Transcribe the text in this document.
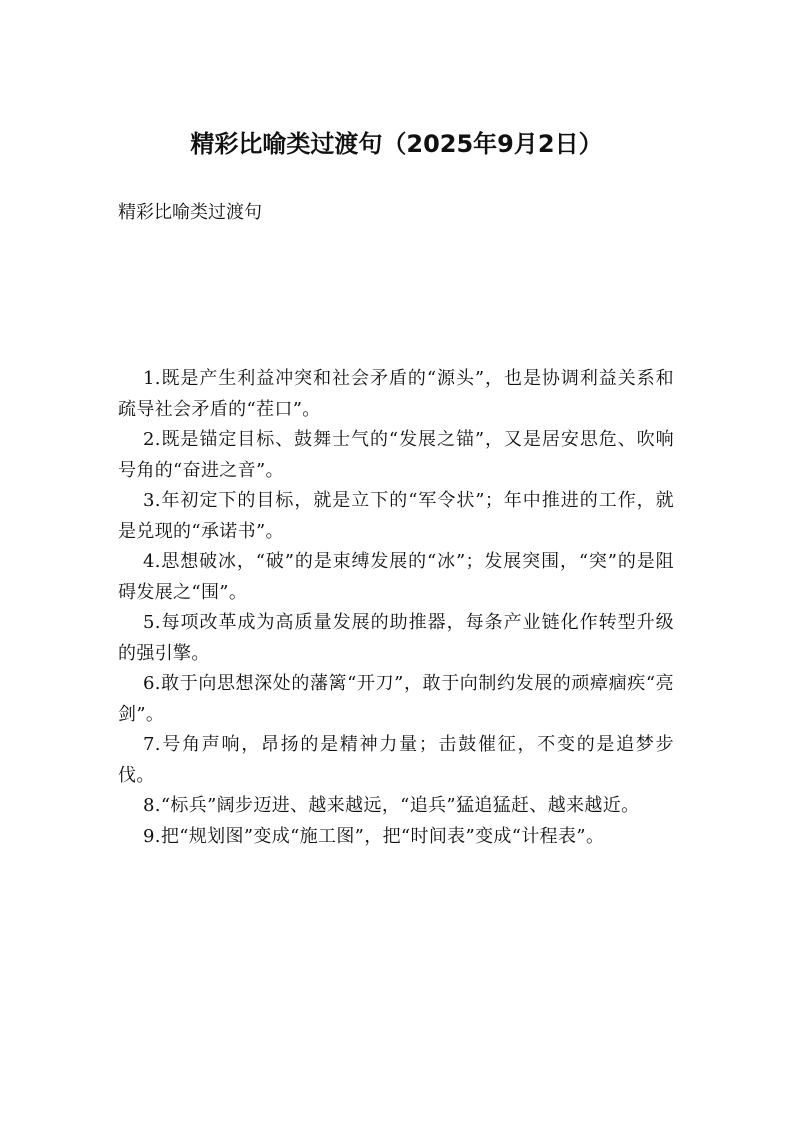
精彩比喻类过渡句（2025年9月2日）
精彩比喻类过渡句

1.既是产生利益冲突和社会矛盾的“源头”，也是协调利益关系和疏导社会矛盾的“茬口”。

2.既是锚定目标、鼓舞士气的“发展之锚”，又是居安思危、吹响号角的“奋进之音”。

3.年初定下的目标，就是立下的“军令状”；年中推进的工作，就是兑现的“承诺书”。

4.思想破冰，“破”的是束缚发展的“冰”；发展突围，“突”的是阻碍发展之“围”。

5.每项改革成为高质量发展的助推器，每条产业链化作转型升级的强引擎。

6.敢于向思想深处的藩篱“开刀”，敢于向制约发展的顽瘴痼疾“亮剑”。

7.号角声响，昂扬的是精神力量；击鼓催征，不变的是追梦步伐。

8.“标兵”阔步迈进、越来越远，“追兵”猛追猛赶、越来越近。

9.把“规划图”变成“施工图”，把“时间表”变成“计程表”。
